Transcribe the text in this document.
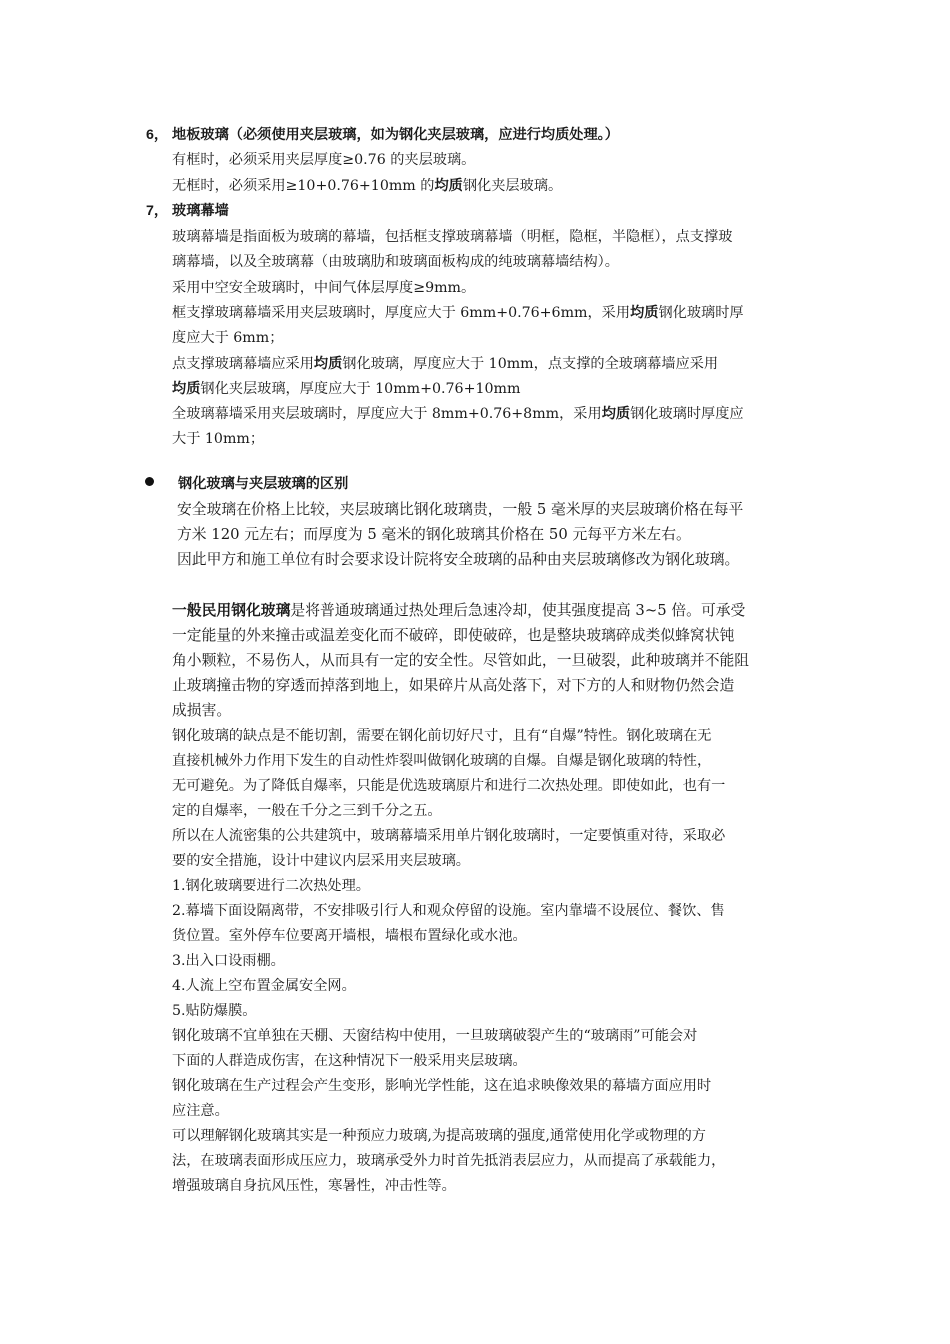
6， 地板玻璃（必须使用夹层玻璃，如为钢化夹层玻璃，应进行均质处理。）
有框时，必须采用夹层厚度≥0.76 的夹层玻璃。
无框时，必须采用≥10+0.76+10mm 的均质钢化夹层玻璃。
7， 玻璃幕墙
玻璃幕墙是指面板为玻璃的幕墙，包括框支撑玻璃幕墙（明框，隐框，半隐框），点支撑玻
璃幕墙，以及全玻璃幕（由玻璃肋和玻璃面板构成的纯玻璃幕墙结构）。
采用中空安全玻璃时，中间气体层厚度≥9mm。
框支撑玻璃幕墙采用夹层玻璃时，厚度应大于 6mm+0.76+6mm，采用均质钢化玻璃时厚
度应大于 6mm；
点支撑玻璃幕墙应采用均质钢化玻璃，厚度应大于 10mm，点支撑的全玻璃幕墙应采用
均质钢化夹层玻璃，厚度应大于 10mm+0.76+10mm
全玻璃幕墙采用夹层玻璃时，厚度应大于 8mm+0.76+8mm，采用均质钢化玻璃时厚度应
大于 10mm；
钢化玻璃与夹层玻璃的区别
安全玻璃在价格上比较，夹层玻璃比钢化玻璃贵，一般 5 毫米厚的夹层玻璃价格在每平
方米 120 元左右；而厚度为 5 毫米的钢化玻璃其价格在 50 元每平方米左右。
因此甲方和施工单位有时会要求设计院将安全玻璃的品种由夹层玻璃修改为钢化玻璃。
一般民用钢化玻璃是将普通玻璃通过热处理后急速冷却，使其强度提高 3~5 倍。可承受
一定能量的外来撞击或温差变化而不破碎，即使破碎，也是整块玻璃碎成类似蜂窝状钝
角小颗粒，不易伤人，从而具有一定的安全性。尽管如此，一旦破裂，此种玻璃并不能阻
止玻璃撞击物的穿透而掉落到地上，如果碎片从高处落下，对下方的人和财物仍然会造
成损害。
钢化玻璃的缺点是不能切割，需要在钢化前切好尺寸，且有“自爆”特性。钢化玻璃在无
直接机械外力作用下发生的自动性炸裂叫做钢化玻璃的自爆。自爆是钢化玻璃的特性，
无可避免。为了降低自爆率，只能是优选玻璃原片和进行二次热处理。即使如此，也有一
定的自爆率，一般在千分之三到千分之五。
所以在人流密集的公共建筑中，玻璃幕墙采用单片钢化玻璃时，一定要慎重对待，采取必
要的安全措施，设计中建议内层采用夹层玻璃。
1.钢化玻璃要进行二次热处理。
2.幕墙下面设隔离带，不安排吸引行人和观众停留的设施。室内靠墙不设展位、餐饮、售
货位置。室外停车位要离开墙根，墙根布置绿化或水池。
3.出入口设雨棚。
4.人流上空布置金属安全网。
5.贴防爆膜。
钢化玻璃不宜单独在天棚、天窗结构中使用，一旦玻璃破裂产生的“玻璃雨”可能会对
下面的人群造成伤害，在这种情况下一般采用夹层玻璃。
钢化玻璃在生产过程会产生变形，影响光学性能，这在追求映像效果的幕墙方面应用时
应注意。
可以理解钢化玻璃其实是一种预应力玻璃,为提高玻璃的强度,通常使用化学或物理的方
法，在玻璃表面形成压应力，玻璃承受外力时首先抵消表层应力，从而提高了承载能力，
增强玻璃自身抗风压性，寒暑性，冲击性等。
